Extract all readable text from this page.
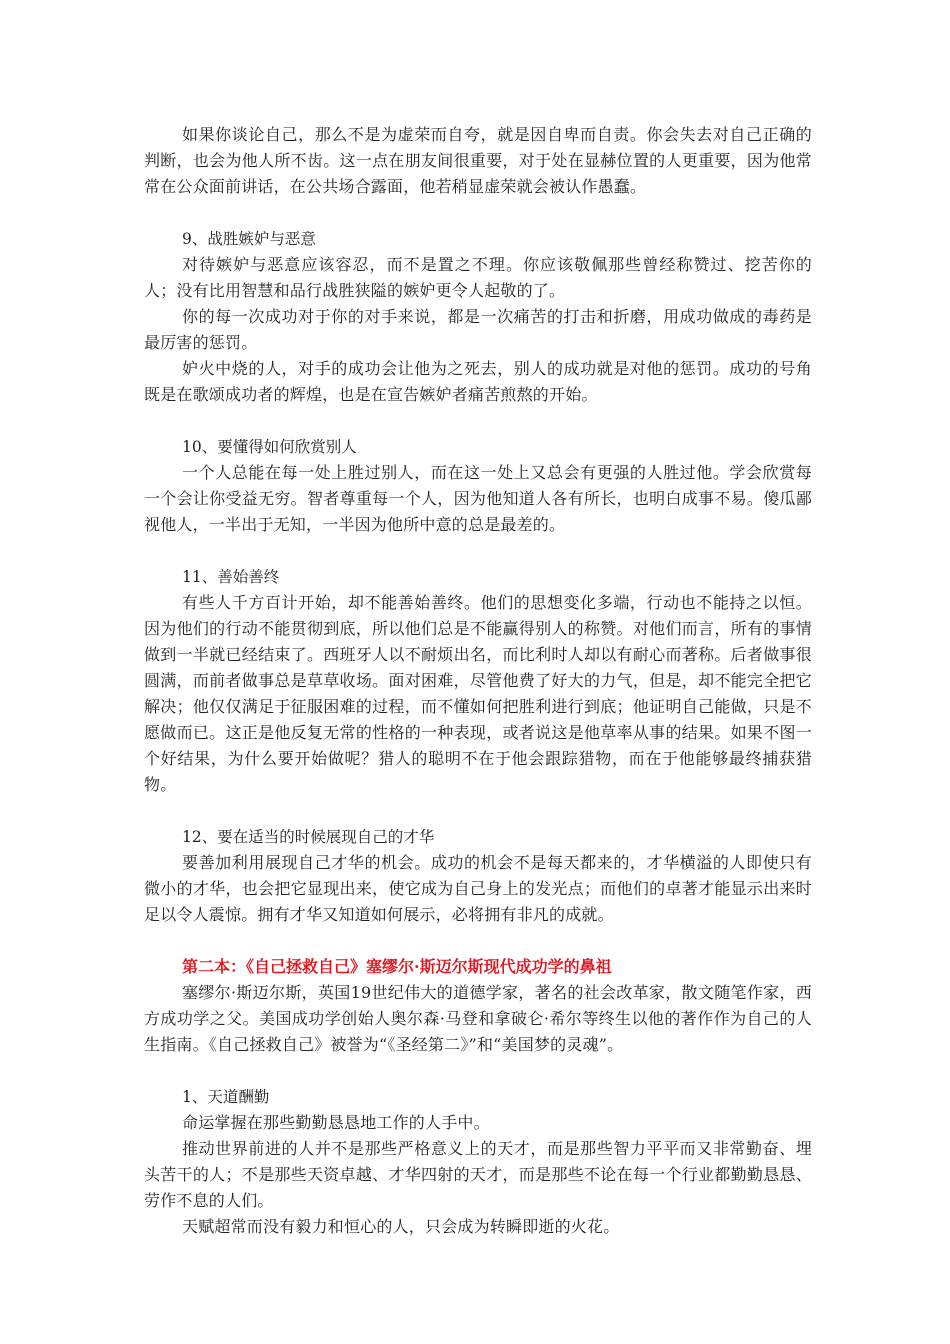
如果你谈论自己，那么不是为虚荣而自夸，就是因自卑而自责。你会失去对自己正确的判断，也会为他人所不齿。这一点在朋友间很重要，对于处在显赫位置的人更重要，因为他常常在公众面前讲话，在公共场合露面，他若稍显虚荣就会被认作愚蠢。

9、战胜嫉妒与恶意

对待嫉妒与恶意应该容忍，而不是置之不理。你应该敬佩那些曾经称赞过、挖苦你的人；没有比用智慧和品行战胜狭隘的嫉妒更令人起敬的了。

你的每一次成功对于你的对手来说，都是一次痛苦的打击和折磨，用成功做成的毒药是最厉害的惩罚。

妒火中烧的人，对手的成功会让他为之死去，别人的成功就是对他的惩罚。成功的号角既是在歌颂成功者的辉煌，也是在宣告嫉妒者痛苦煎熬的开始。

10、要懂得如何欣赏别人

一个人总能在每一处上胜过别人，而在这一处上又总会有更强的人胜过他。学会欣赏每一个会让你受益无穷。智者尊重每一个人，因为他知道人各有所长，也明白成事不易。傻瓜鄙视他人，一半出于无知，一半因为他所中意的总是最差的。

11、善始善终

有些人千方百计开始，却不能善始善终。他们的思想变化多端，行动也不能持之以恒。因为他们的行动不能贯彻到底，所以他们总是不能赢得别人的称赞。对他们而言，所有的事情做到一半就已经结束了。西班牙人以不耐烦出名，而比利时人却以有耐心而著称。后者做事很圆满，而前者做事总是草草收场。面对困难，尽管他费了好大的力气，但是，却不能完全把它解决；他仅仅满足于征服困难的过程，而不懂如何把胜利进行到底；他证明自己能做，只是不愿做而已。这正是他反复无常的性格的一种表现，或者说这是他草率从事的结果。如果不图一个好结果，为什么要开始做呢？猎人的聪明不在于他会跟踪猎物，而在于他能够最终捕获猎物。

12、要在适当的时候展现自己的才华

要善加利用展现自己才华的机会。成功的机会不是每天都来的，才华横溢的人即使只有微小的才华，也会把它显现出来，使它成为自己身上的发光点；而他们的卓著才能显示出来时足以令人震惊。拥有才华又知道如何展示，必将拥有非凡的成就。

第二本：《自己拯救自己》塞缪尔·斯迈尔斯现代成功学的鼻祖

塞缪尔·斯迈尔斯，英国19世纪伟大的道德学家，著名的社会改革家，散文随笔作家，西方成功学之父。美国成功学创始人奥尔森·马登和拿破仑·希尔等终生以他的著作作为自己的人生指南。《自己拯救自己》被誉为“《圣经第二》”和“美国梦的灵魂”。

1、天道酬勤

命运掌握在那些勤勤恳恳地工作的人手中。

推动世界前进的人并不是那些严格意义上的天才，而是那些智力平平而又非常勤奋、埋头苦干的人；不是那些天资卓越、才华四射的天才，而是那些不论在每一个行业都勤勤恳恳、劳作不息的人们。

天赋超常而没有毅力和恒心的人，只会成为转瞬即逝的火花。
